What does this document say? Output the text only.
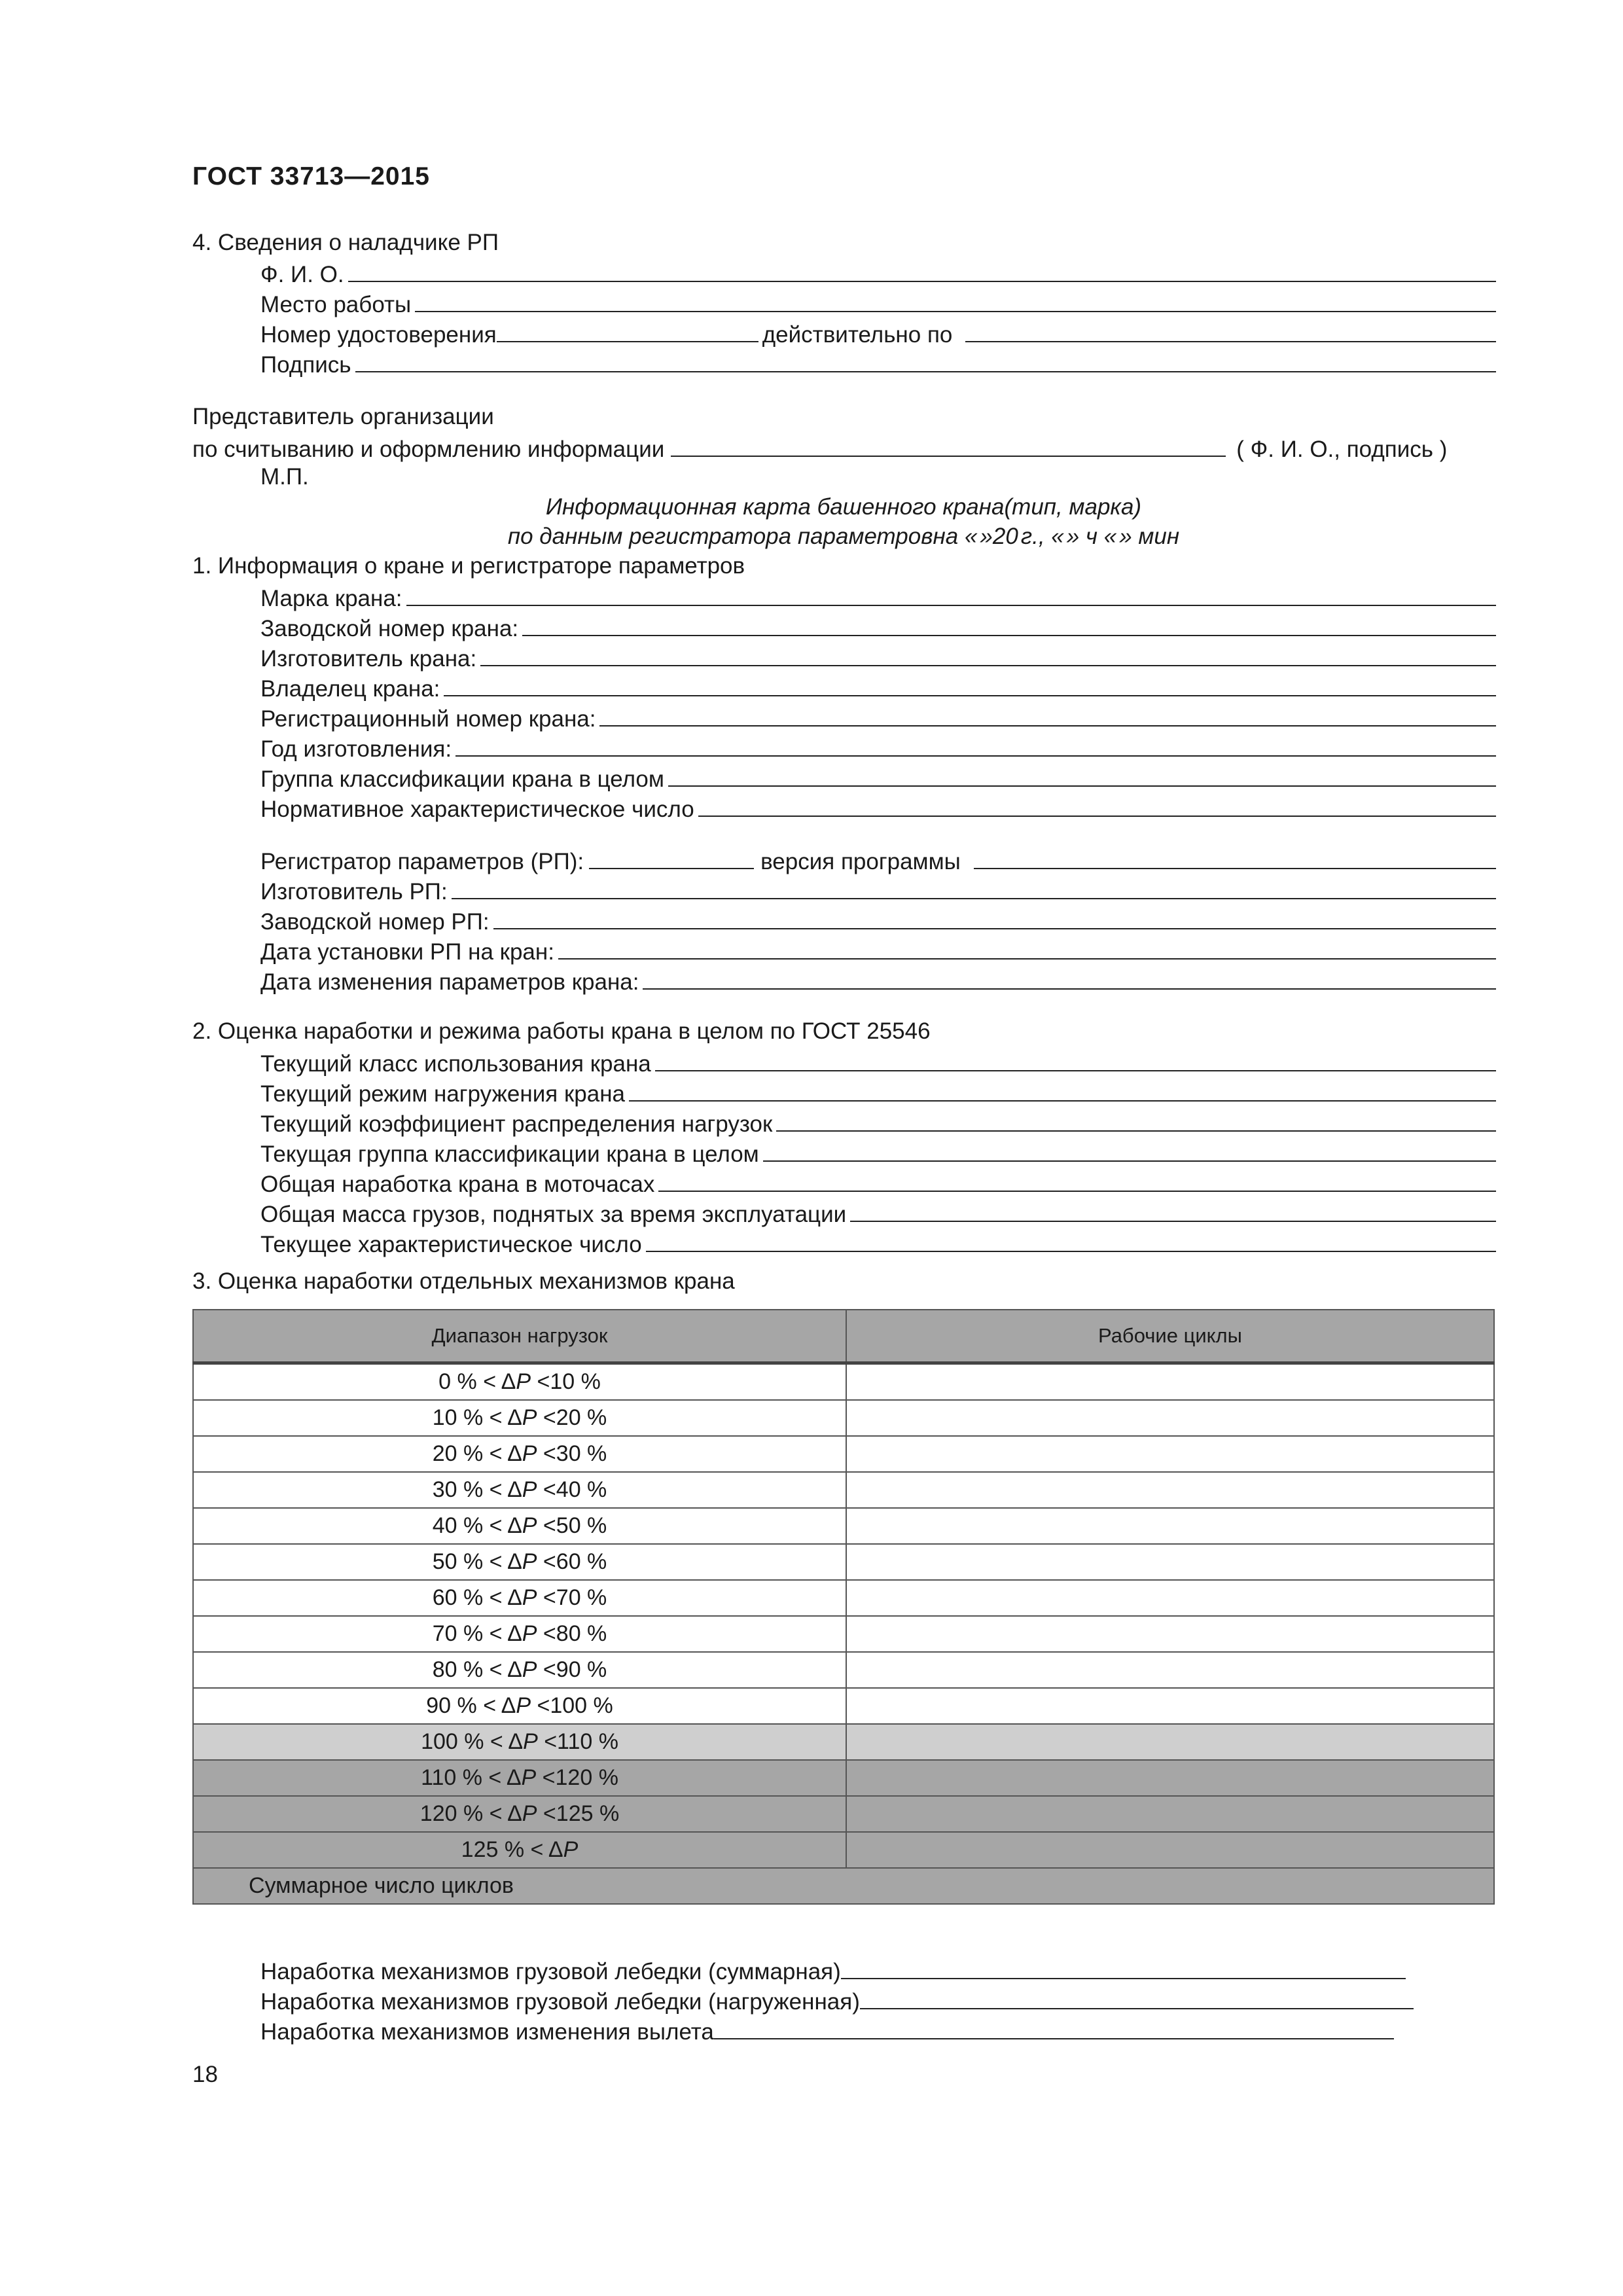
ГОСТ 33713—2015
4. Сведения о наладчике РП
Ф. И. О.
Место работы
Номер удостоверения	действительно по
Подпись
Представитель организации
по считыванию и оформлению информации	( Ф. И. О., подпись )
М.П.
Информационная карта башенного крана(тип, марка)
по данным регистратора параметровна « »20 г., « » ч « » мин
1. Информация о кране и регистраторе параметров
Марка крана:
Заводской номер крана:
Изготовитель крана:
Владелец крана:
Регистрационный номер крана:
Год изготовления:
Группа классификации крана в целом
Нормативное характеристическое число
Регистратор параметров (РП):	версия программы
Изготовитель РП:
Заводской номер РП:
Дата установки РП на кран:
Дата изменения параметров крана:
2. Оценка наработки и режима работы крана в целом по ГОСТ 25546
Текущий класс использования крана
Текущий режим нагружения крана
Текущий коэффициент распределения нагрузок
Текущая группа классификации крана в целом
Общая наработка крана в моточасах
Общая масса грузов, поднятых за время эксплуатации
Текущее характеристическое число
3. Оценка наработки отдельных механизмов крана
Диапазон нагрузок	Рабочие циклы
0 % < ΔP <10 %	
10 % < ΔP <20 %	
20 % < ΔP <30 %	
30 % < ΔP <40 %	
40 % < ΔP <50 %	
50 % < ΔP <60 %	
60 % < ΔP <70 %	
70 % < ΔP <80 %	
80 % < ΔP <90 %	
90 % < ΔP <100 %	
100 % < ΔP <110 %	
110 % < ΔP <120 %	
120 % < ΔP <125 %	
125 % < ΔP	
Суммарное число циклов	
Наработка механизмов грузовой лебедки (суммарная)
Наработка механизмов грузовой лебедки (нагруженная)
Наработка механизмов изменения вылета
18
